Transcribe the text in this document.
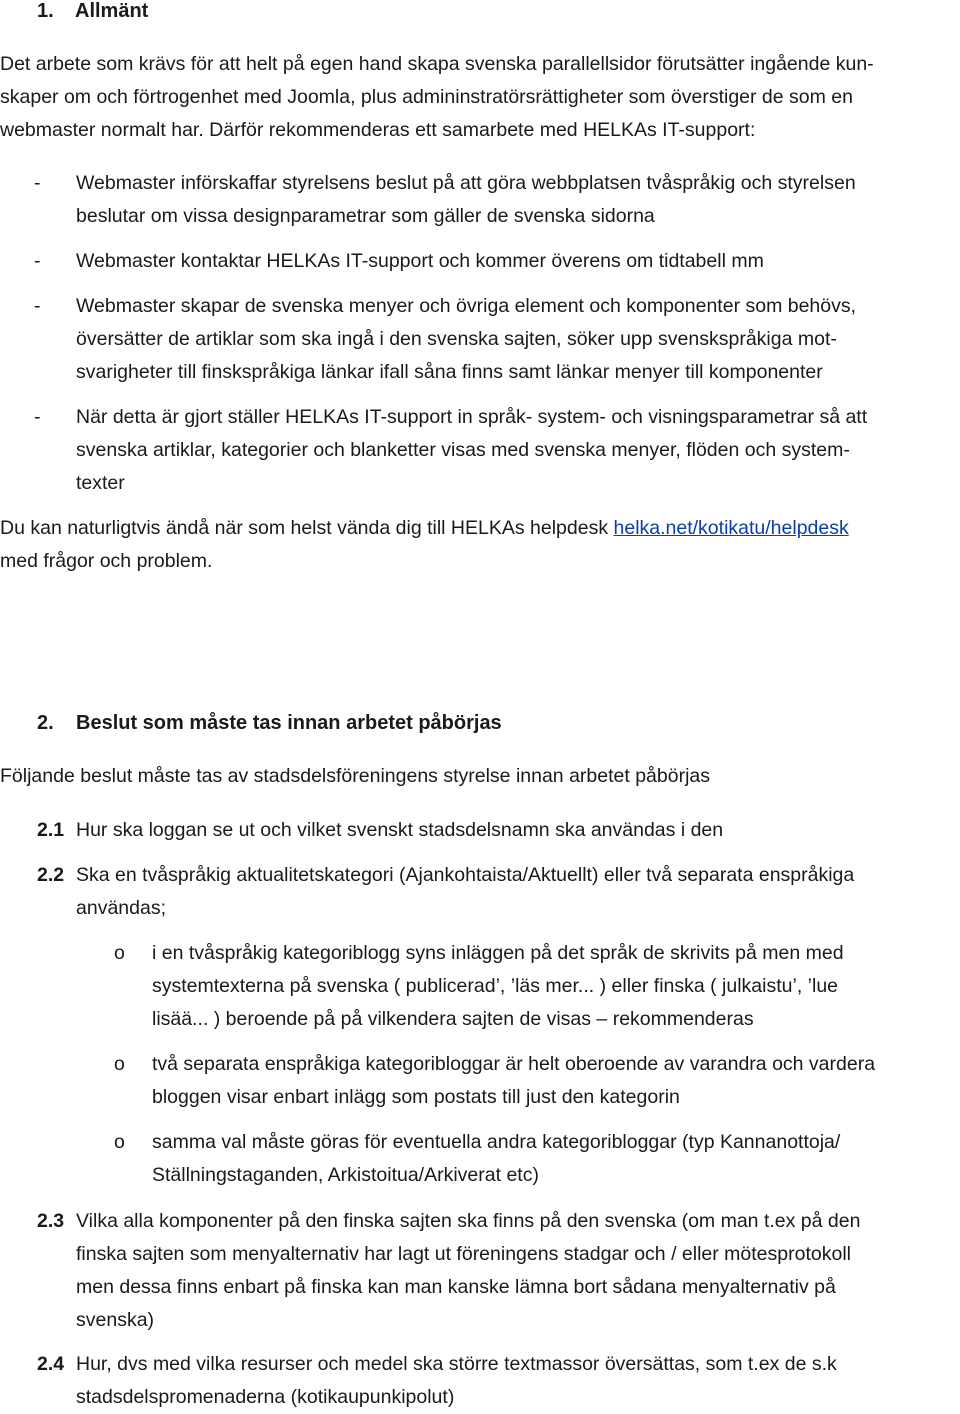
1. Allmänt
Det arbete som krävs för att helt på egen hand skapa svenska parallellsidor förutsätter ingående kun-
skaper om och förtrogenhet med Joomla, plus admininstratörsrättigheter som överstiger de som en
webmaster normalt har. Därför rekommenderas ett samarbete med HELKAs IT-support:
- Webmaster införskaffar styrelsens beslut på att göra webbplatsen tvåspråkig och styrelsen
beslutar om vissa designparametrar som gäller de svenska sidorna
- Webmaster kontaktar HELKAs IT-support och kommer överens om tidtabell mm
- Webmaster skapar de svenska menyer och övriga element och komponenter som behövs,
översätter de artiklar som ska ingå i den svenska sajten, söker upp svenskspråkiga mot-
svarigheter till finskspråkiga länkar ifall såna finns samt länkar menyer till komponenter
- När detta är gjort ställer HELKAs IT-support in språk- system- och visningsparametrar så att
svenska artiklar, kategorier och blanketter visas med svenska menyer, flöden och system-
texter
Du kan naturligtvis ändå när som helst vända dig till HELKAs helpdesk helka.net/kotikatu/helpdesk
med frågor och problem.
2. Beslut som måste tas innan arbetet påbörjas
Följande beslut måste tas av stadsdelsföreningens styrelse innan arbetet påbörjas
2.1 Hur ska loggan se ut och vilket svenskt stadsdelsnamn ska användas i den
2.2 Ska en tvåspråkig aktualitetskategori (Ajankohtaista/Aktuellt) eller två separata enspråkiga
användas;
o i en tvåspråkig kategoriblogg syns inläggen på det språk de skrivits på men med
systemtexterna på svenska ( publicerad’, ’läs mer... ) eller finska ( julkaistu’, ’lue
lisää... ) beroende på på vilkendera sajten de visas – rekommenderas
o två separata enspråkiga kategoribloggar är helt oberoende av varandra och vardera
bloggen visar enbart inlägg som postats till just den kategorin
o samma val måste göras för eventuella andra kategoribloggar (typ Kannanottoja/
Ställningstaganden, Arkistoitua/Arkiverat etc)
2.3 Vilka alla komponenter på den finska sajten ska finns på den svenska (om man t.ex på den
finska sajten som menyalternativ har lagt ut föreningens stadgar och / eller mötesprotokoll
men dessa finns enbart på finska kan man kanske lämna bort sådana menyalternativ på
svenska)
2.4 Hur, dvs med vilka resurser och medel ska större textmassor översättas, som t.ex de s.k
stadsdelspromenaderna (kotikaupunkipolut)
